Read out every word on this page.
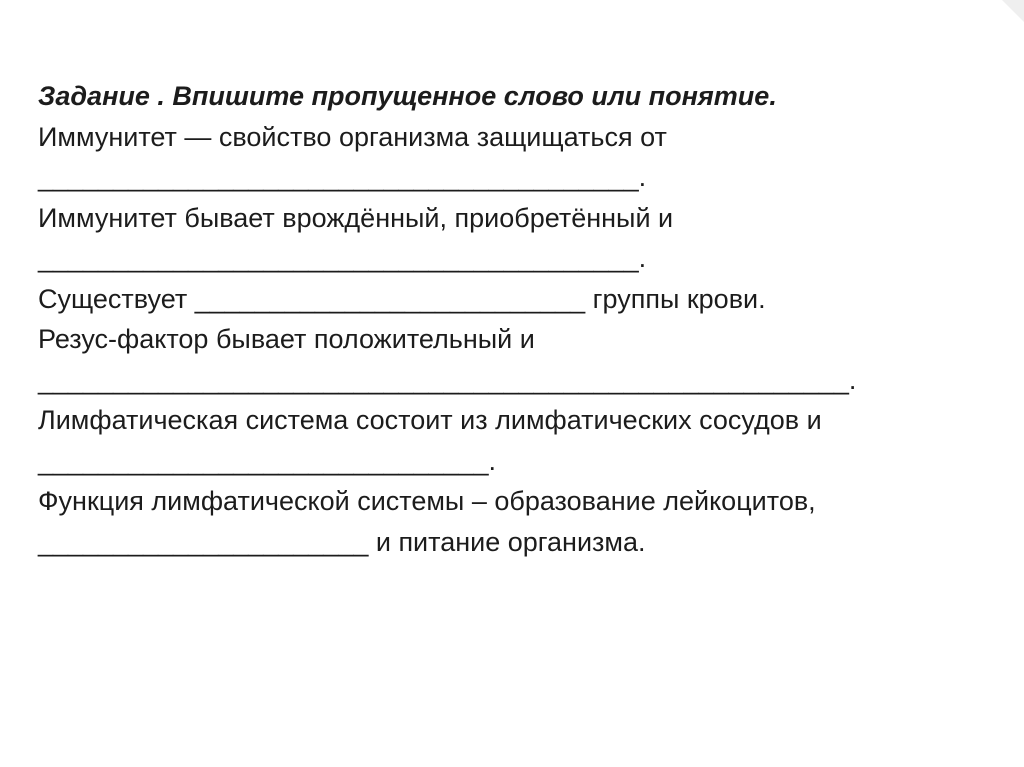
Задание . Впишите пропущенное слово или понятие.

Иммунитет — свойство организма защищаться от

________________________________________.

Иммунитет бывает врождённый, приобретённый и

________________________________________.

Существует __________________________ группы крови.

Резус-фактор бывает положительный и

______________________________________________________.

Лимфатическая система состоит из лимфатических сосудов и

______________________________.

Функция лимфатической системы – образование лейкоцитов,

______________________ и питание организма.
